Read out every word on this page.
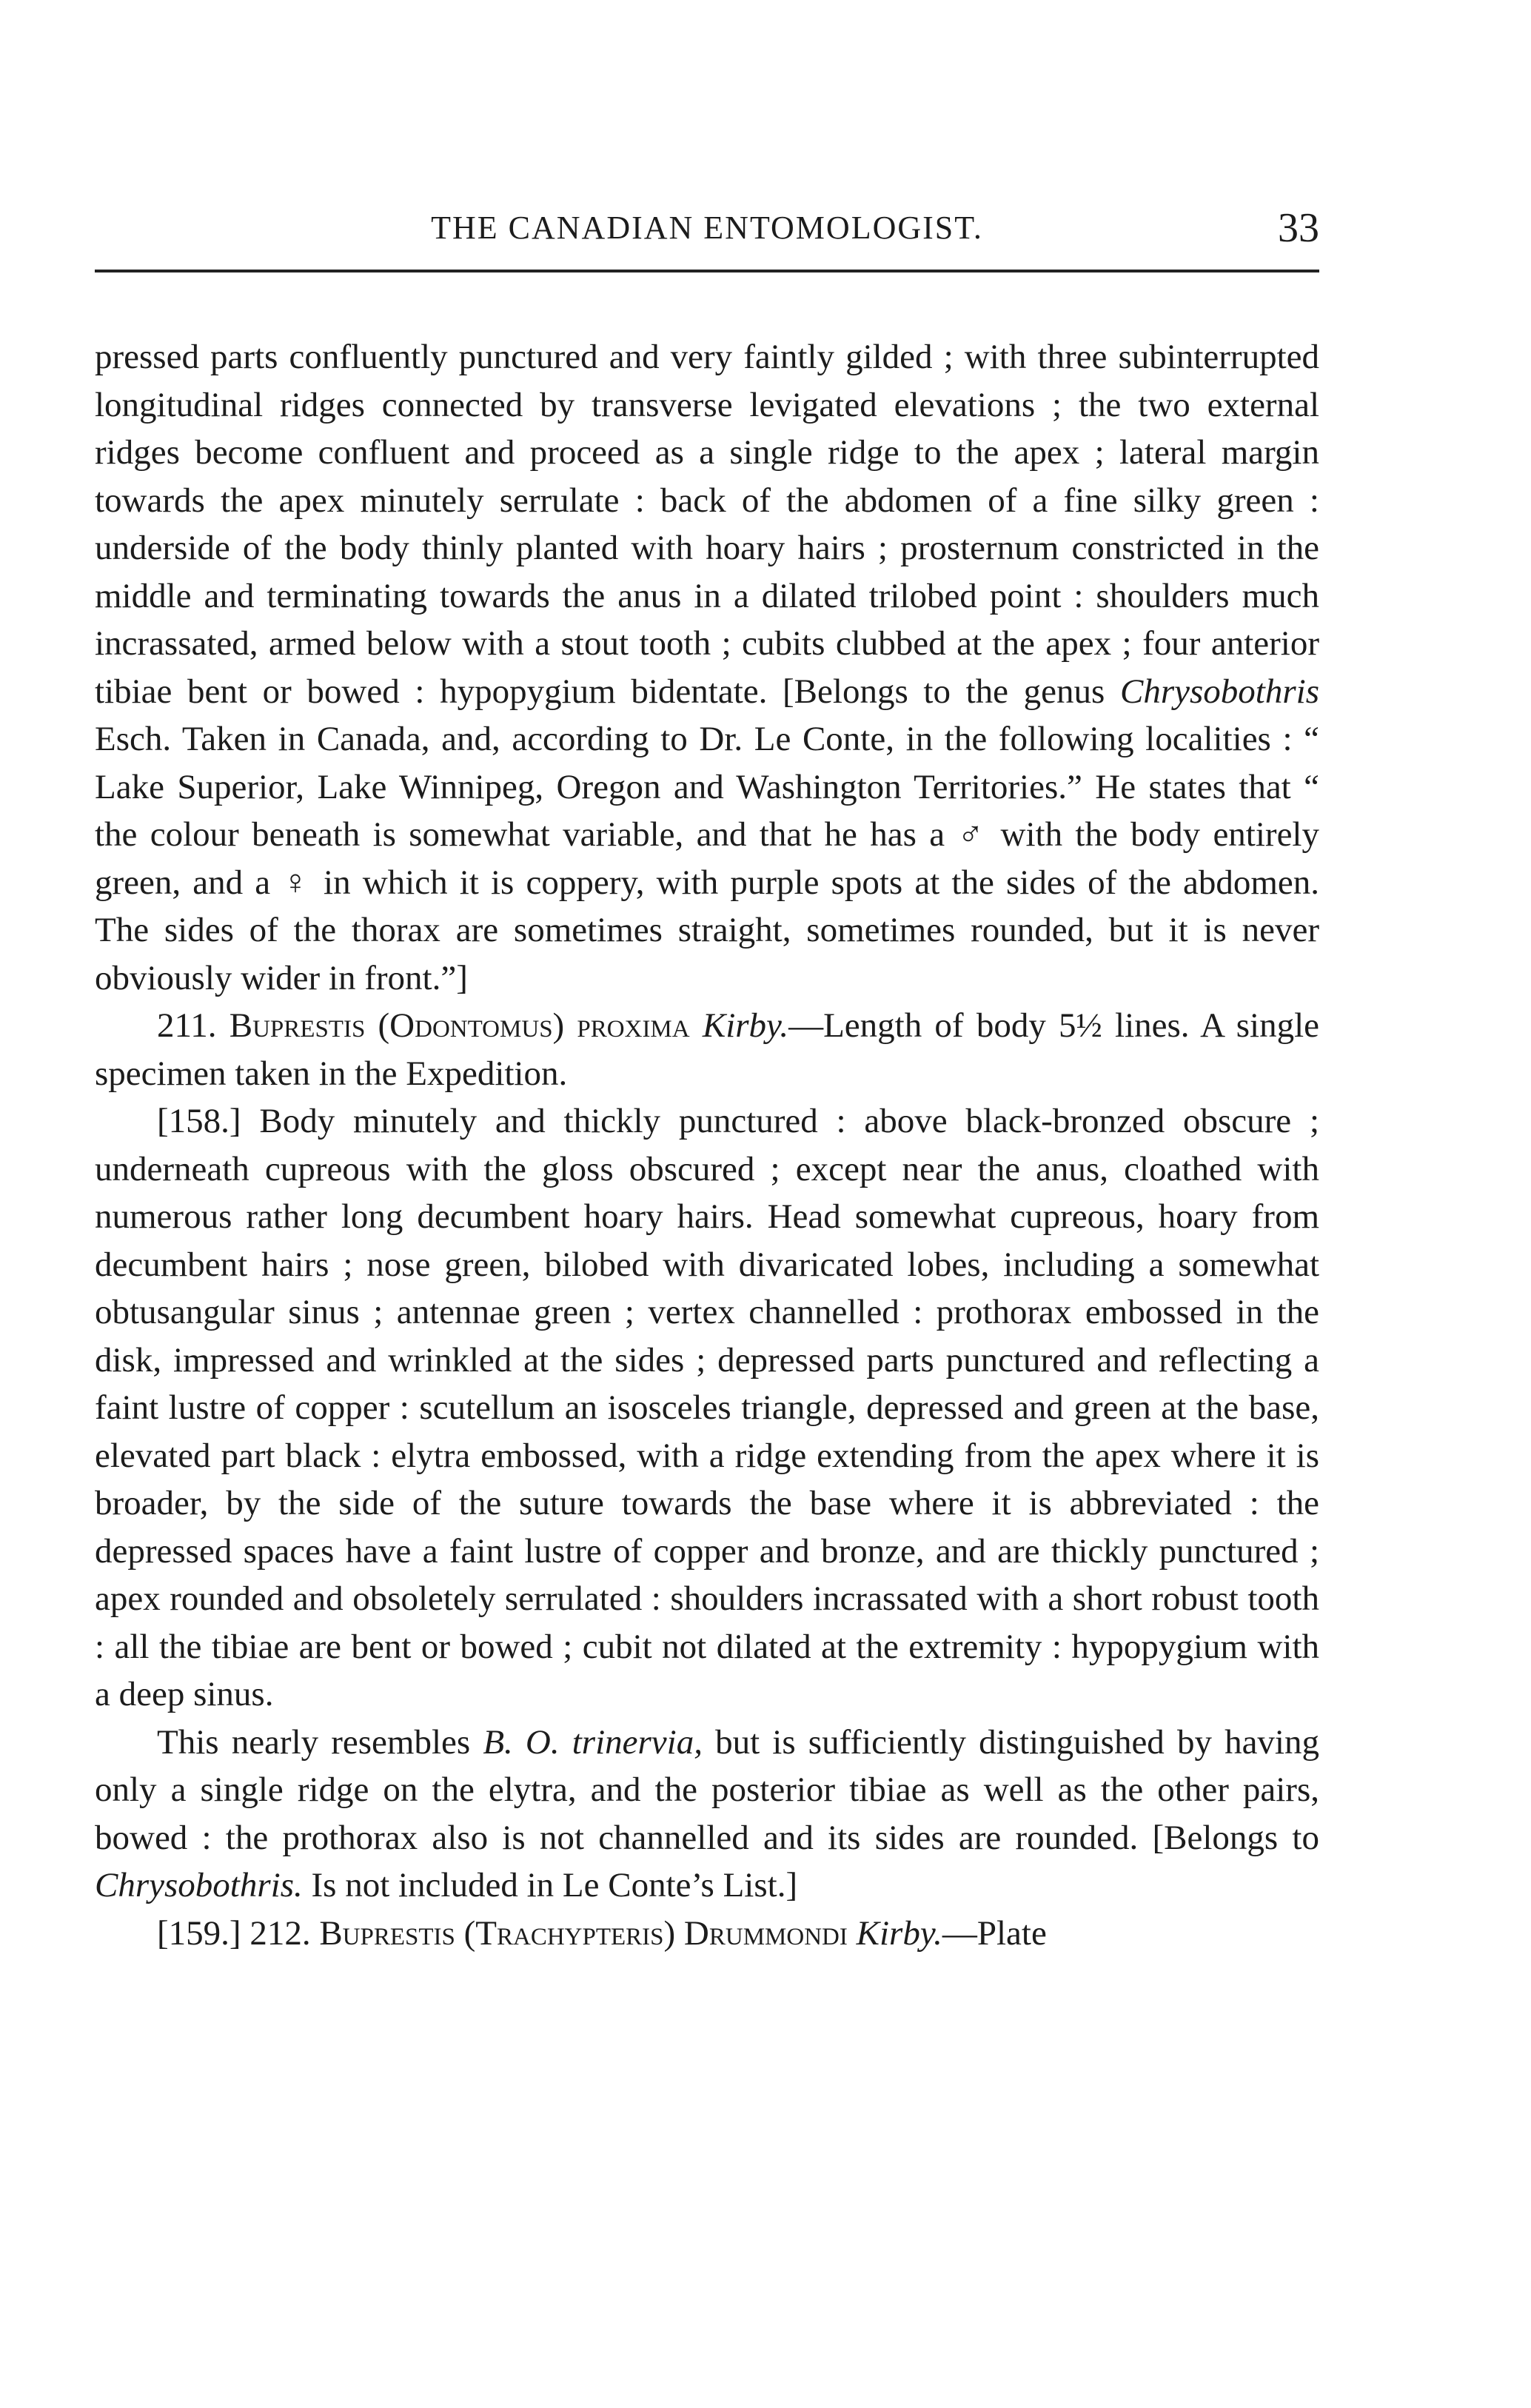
THE CANADIAN ENTOMOLOGIST.	33

pressed parts confluently punctured and very faintly gilded ; with three subinterrupted longitudinal ridges connected by transverse levigated elevations ; the two external ridges become confluent and proceed as a single ridge to the apex ; lateral margin towards the apex minutely serrulate : back of the abdomen of a fine silky green : underside of the body thinly planted with hoary hairs ; prosternum constricted in the middle and terminating towards the anus in a dilated trilobed point : shoulders much incrassated, armed below with a stout tooth ; cubits clubbed at the apex ; four anterior tibiae bent or bowed : hypopygium bidentate. [Belongs to the genus Chrysobothris Esch. Taken in Canada, and, according to Dr. Le Conte, in the following localities : “ Lake Superior, Lake Winnipeg, Oregon and Washington Territories.” He states that “ the colour beneath is somewhat variable, and that he has a ♂ with the body entirely green, and a ♀ in which it is coppery, with purple spots at the sides of the abdomen. The sides of the thorax are sometimes straight, sometimes rounded, but it is never obviously wider in front.”]

211. Buprestis (Odontomus) proxima Kirby.—Length of body 5½ lines. A single specimen taken in the Expedition.

[158.] Body minutely and thickly punctured : above black-bronzed obscure ; underneath cupreous with the gloss obscured ; except near the anus, cloathed with numerous rather long decumbent hoary hairs. Head somewhat cupreous, hoary from decumbent hairs ; nose green, bilobed with divaricated lobes, including a somewhat obtusangular sinus ; antennae green ; vertex channelled : prothorax embossed in the disk, impressed and wrinkled at the sides ; depressed parts punctured and reflecting a faint lustre of copper : scutellum an isosceles triangle, depressed and green at the base, elevated part black : elytra embossed, with a ridge extending from the apex where it is broader, by the side of the suture towards the base where it is abbreviated : the depressed spaces have a faint lustre of copper and bronze, and are thickly punctured ; apex rounded and obsoletely serrulated : shoulders incrassated with a short robust tooth : all the tibiae are bent or bowed ; cubit not dilated at the extremity : hypopygium with a deep sinus.

This nearly resembles B. O. trinervia, but is sufficiently distinguished by having only a single ridge on the elytra, and the posterior tibiae as well as the other pairs, bowed : the prothorax also is not channelled and its sides are rounded. [Belongs to Chrysobothris. Is not included in Le Conte’s List.]

[159.] 212. Buprestis (Trachypteris) Drummondi Kirby.—Plate
